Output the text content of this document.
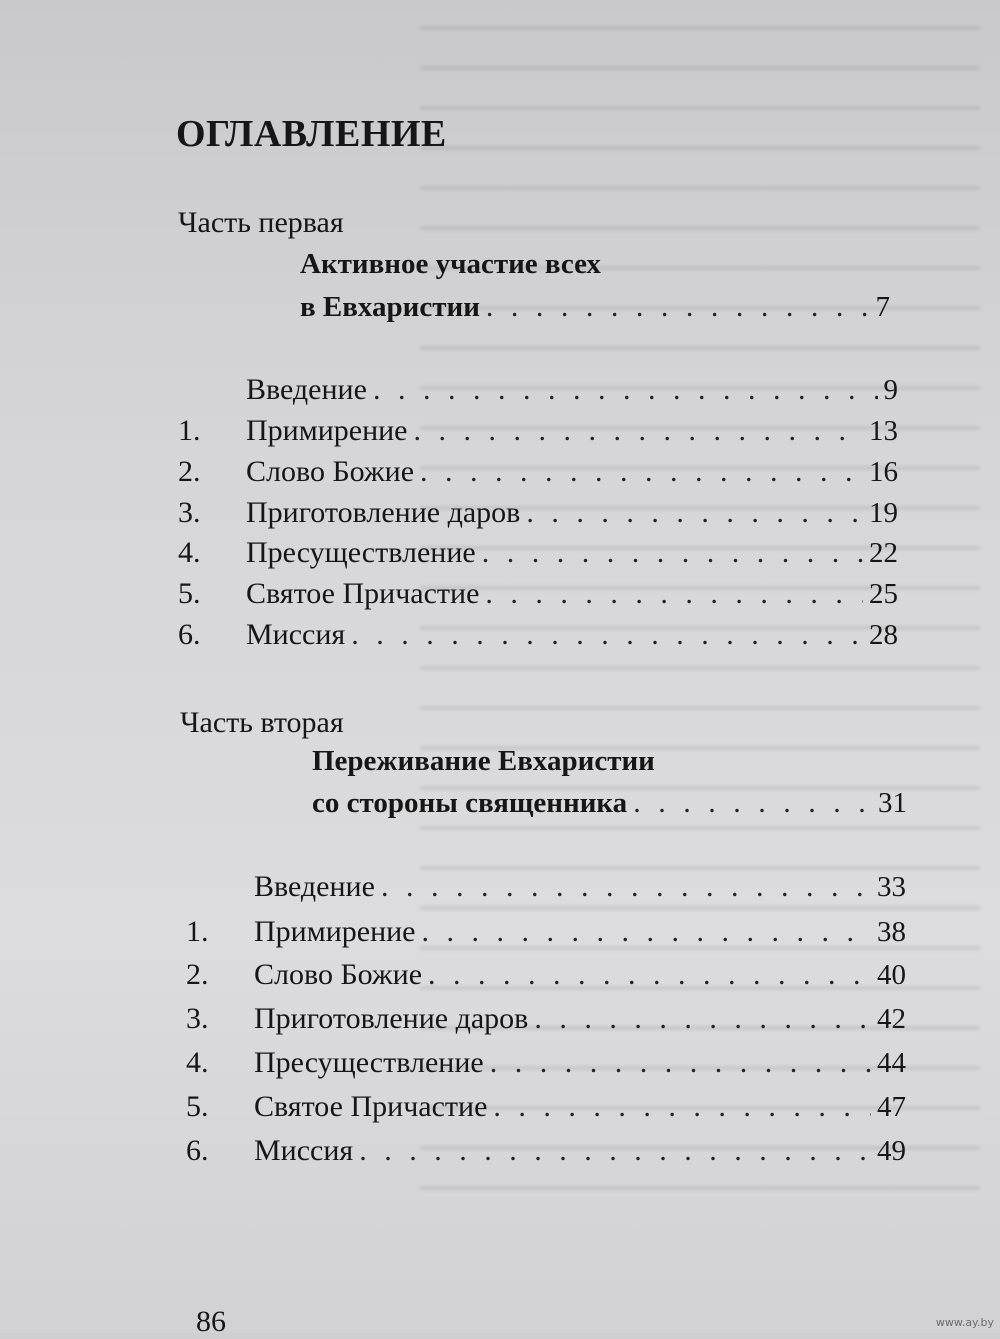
ОГЛАВЛЕНИЕ
Часть первая
Активное участие всех
в Евхаристии . . .	7
Введение . . .	9
1.	Примирение . . .	13
2.	Слово Божие . . .	16
3.	Приготовление даров . . .	19
4.	Пресуществление . . .	22
5.	Святое Причастие . . .	25
6.	Миссия . . .	28
Часть вторая
Переживание Евхаристии
со стороны священника . . .	31
Введение . . .	33
1.	Примирение . . .	38
2.	Слово Божие . . .	40
3.	Приготовление даров . . .	42
4.	Пресуществление . . .	44
5.	Святое Причастие . . .	47
6.	Миссия . . .	49

86	www.ay.by
